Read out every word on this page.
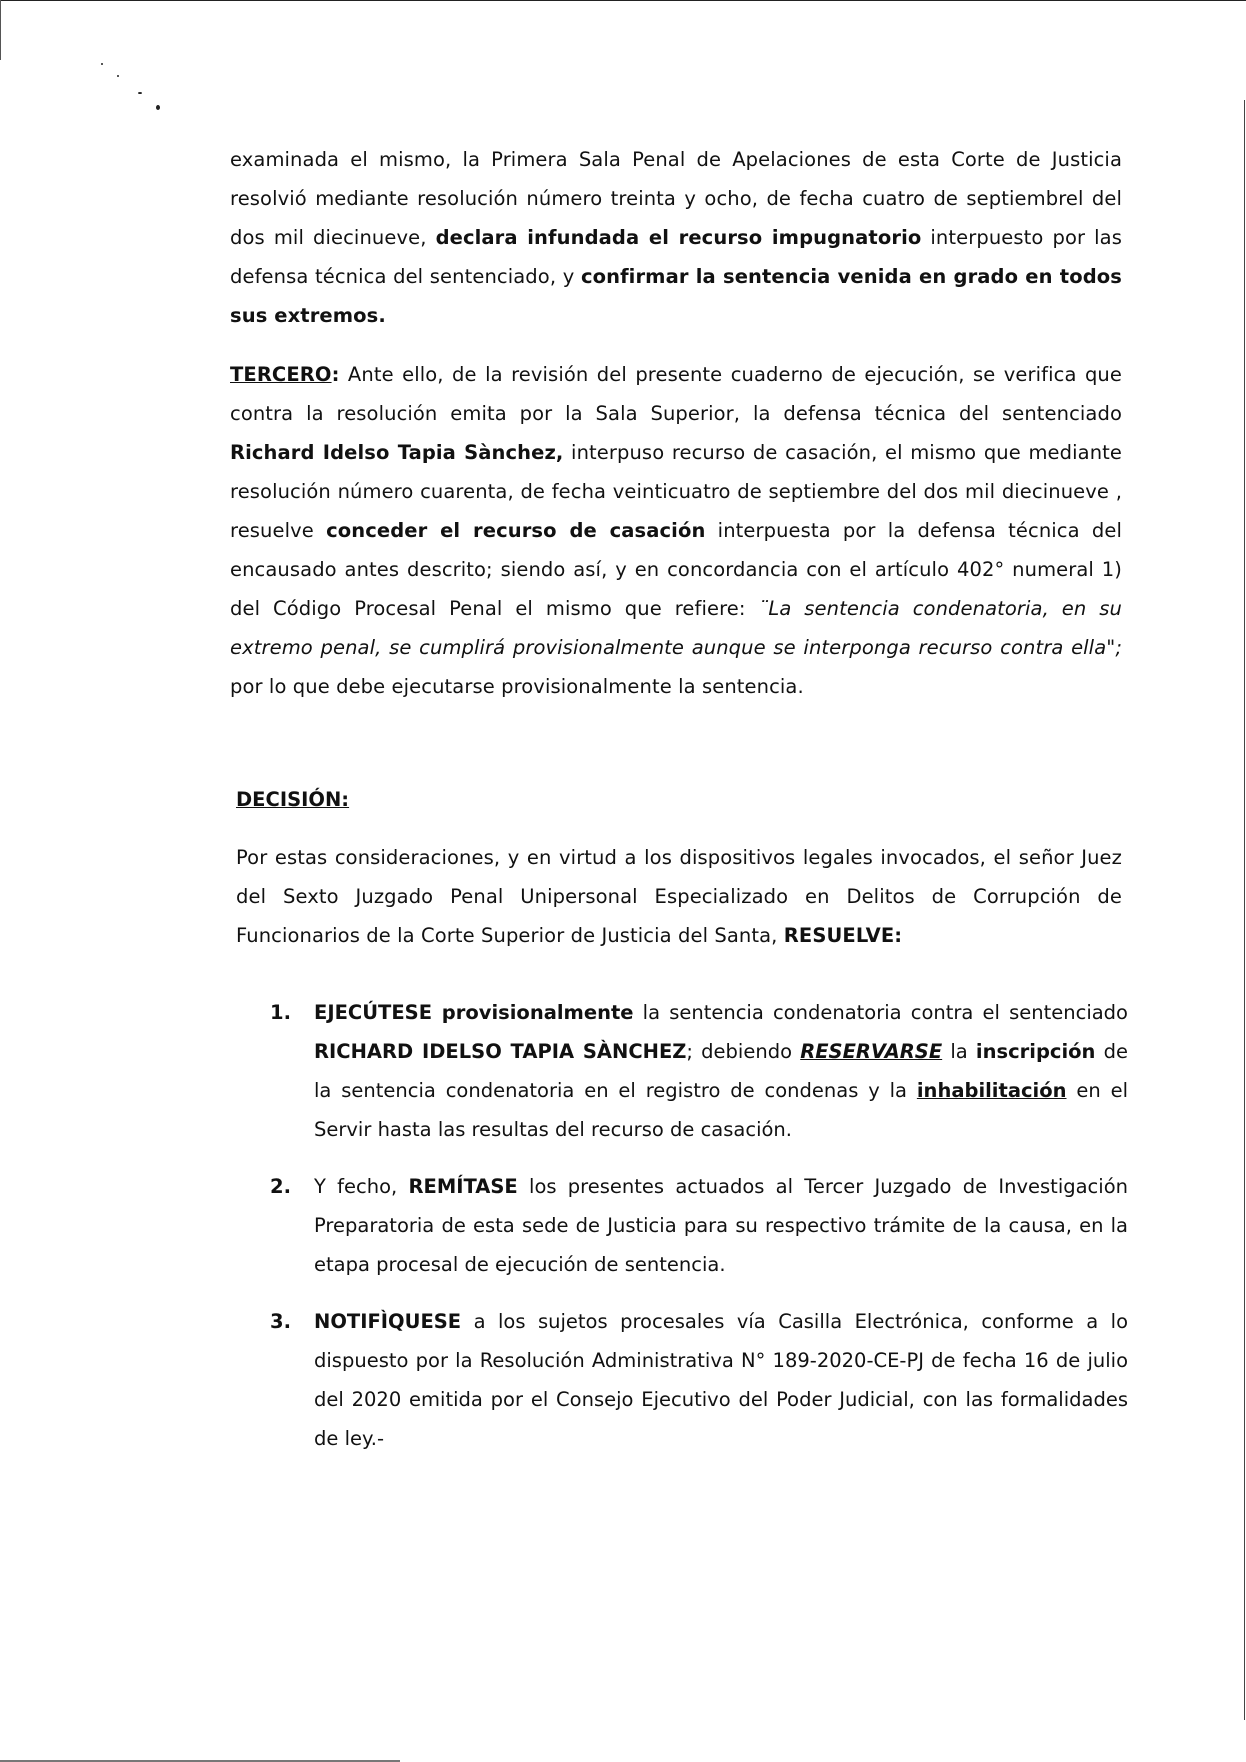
examinada el mismo, la Primera Sala Penal de Apelaciones de esta Corte de Justicia resolvió mediante resolución número treinta y ocho, de fecha cuatro de septiembrel del dos mil diecinueve, declara infundada el recurso impugnatorio interpuesto por las defensa técnica del sentenciado, y confirmar la sentencia venida en grado en todos sus extremos.

TERCERO: Ante ello, de la revisión del presente cuaderno de ejecución, se verifica que contra la resolución emita por la Sala Superior, la defensa técnica del sentenciado Richard Idelso Tapia Sànchez, interpuso recurso de casación, el mismo que mediante resolución número cuarenta, de fecha veinticuatro de septiembre del dos mil diecinueve , resuelve conceder el recurso de casación interpuesta por la defensa técnica del encausado antes descrito; siendo así, y en concordancia con el artículo 402° numeral 1) del Código Procesal Penal el mismo que refiere: ¨La sentencia condenatoria, en su extremo penal, se cumplirá provisionalmente aunque se interponga recurso contra ella"; por lo que debe ejecutarse provisionalmente la sentencia.

DECISIÓN:

Por estas consideraciones, y en virtud a los dispositivos legales invocados, el señor Juez del Sexto Juzgado Penal Unipersonal Especializado en Delitos de Corrupción de Funcionarios de la Corte Superior de Justicia del Santa, RESUELVE:

1. EJECÚTESE provisionalmente la sentencia condenatoria contra el sentenciado RICHARD IDELSO TAPIA SÀNCHEZ; debiendo RESERVARSE la inscripción de la sentencia condenatoria en el registro de condenas y la inhabilitación en el Servir hasta las resultas del recurso de casación.

2. Y fecho, REMÍTASE los presentes actuados al Tercer Juzgado de Investigación Preparatoria de esta sede de Justicia para su respectivo trámite de la causa, en la etapa procesal de ejecución de sentencia.

3. NOTIFÌQUESE a los sujetos procesales vía Casilla Electrónica, conforme a lo dispuesto por la Resolución Administrativa N° 189-2020-CE-PJ de fecha 16 de julio del 2020 emitida por el Consejo Ejecutivo del Poder Judicial, con las formalidades de ley.-
